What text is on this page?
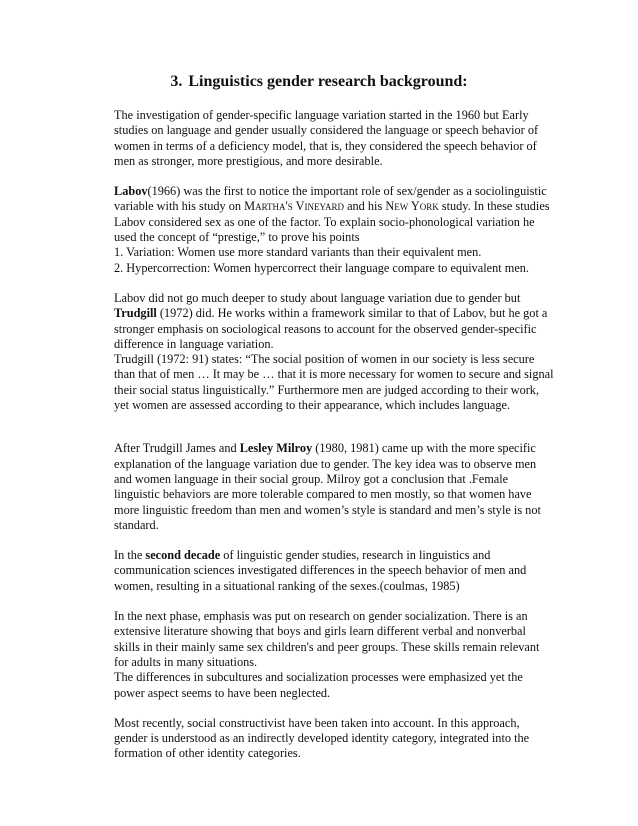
3. Linguistics gender research background:

The investigation of gender-specific language variation started in the 1960 but Early studies on language and gender usually considered the language or speech behavior of women in terms of a deficiency model, that is, they considered the speech behavior of men as stronger, more prestigious, and more desirable.

Labov(1966) was the first to notice the important role of sex/gender as a sociolinguistic variable with his study on Martha's Vineyard and his New York study. In these studies Labov considered sex as one of the factor. To explain socio-phonological variation he used the concept of “prestige,” to prove his points
1. Variation: Women use more standard variants than their equivalent men.
2. Hypercorrection: Women hypercorrect their language compare to equivalent men.

Labov did not go much deeper to study about language variation due to gender but Trudgill (1972) did. He works within a framework similar to that of Labov, but he got a stronger emphasis on sociological reasons to account for the observed gender-specific difference in language variation.
Trudgill (1972: 91) states: “The social position of women in our society is less secure than that of men … It may be … that it is more necessary for women to secure and signal their social status linguistically.” Furthermore men are judged according to their work, yet women are assessed according to their appearance, which includes language.

After Trudgill James and Lesley Milroy (1980, 1981) came up with the more specific explanation of the language variation due to gender. The key idea was to observe men and women language in their social group. Milroy got a conclusion that .Female linguistic behaviors are more tolerable compared to men mostly, so that women have more linguistic freedom than men and women’s style is standard and men’s style is not standard.

In the second decade of linguistic gender studies, research in linguistics and communication sciences investigated differences in the speech behavior of men and women, resulting in a situational ranking of the sexes.(coulmas, 1985)

In the next phase, emphasis was put on research on gender socialization. There is an extensive literature showing that boys and girls learn different verbal and nonverbal skills in their mainly same sex children's and peer groups. These skills remain relevant for adults in many situations.
The differences in subcultures and socialization processes were emphasized yet the power aspect seems to have been neglected.

Most recently, social constructivist have been taken into account. In this approach, gender is understood as an indirectly developed identity category, integrated into the formation of other identity categories.
